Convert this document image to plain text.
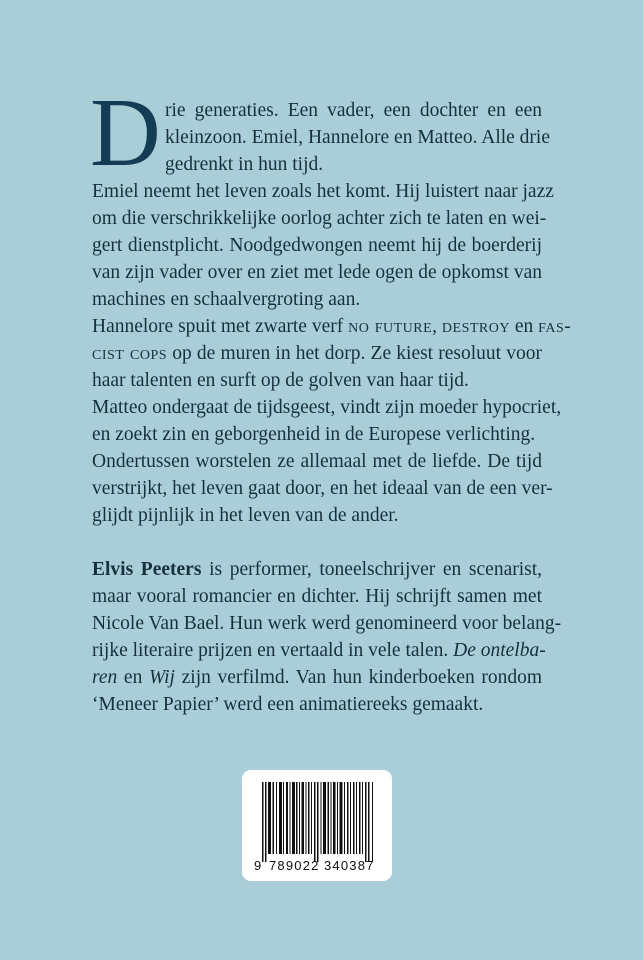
D rie generaties. Een vader, een dochter en een
kleinzoon. Emiel, Hannelore en Matteo. Alle drie
gedrenkt in hun tijd.
Emiel neemt het leven zoals het komt. Hij luistert naar jazz
om die verschrikkelijke oorlog achter zich te laten en wei-
gert dienstplicht. Noodgedwongen neemt hij de boerderij
van zijn vader over en ziet met lede ogen de opkomst van
machines en schaalvergroting aan.
Hannelore spuit met zwarte verf no future, destroy en fas-
cist cops op de muren in het dorp. Ze kiest resoluut voor
haar talenten en surft op de golven van haar tijd.
Matteo ondergaat de tijdsgeest, vindt zijn moeder hypocriet,
en zoekt zin en geborgenheid in de Europese verlichting.
Ondertussen worstelen ze allemaal met de liefde. De tijd
verstrijkt, het leven gaat door, en het ideaal van de een ver-
glijdt pijnlijk in het leven van de ander.
Elvis Peeters is performer, toneelschrijver en scenarist,
maar vooral romancier en dichter. Hij schrijft samen met
Nicole Van Bael. Hun werk werd genomineerd voor belang-
rijke literaire prijzen en vertaald in vele talen. De ontelba-
ren en Wij zijn verfilmd. Van hun kinderboeken rondom
‘Meneer Papier’ werd een animatiereeks gemaakt.
9 789022 340387
